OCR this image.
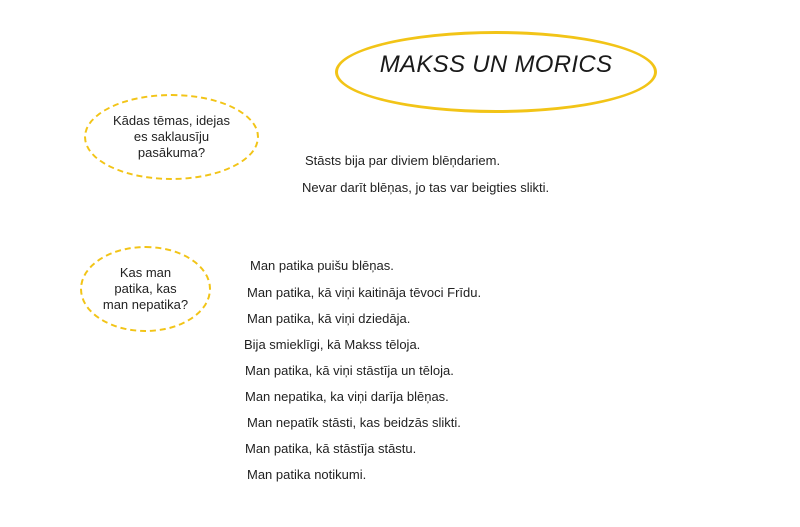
MAKSS UN MORICS
Kādas tēmas, idejas
es saklausīju
pasākuma?
Stāsts bija par diviem blēņdariem.
Nevar darīt blēņas, jo tas var beigties slikti.
Kas man
patika, kas
man nepatika?
Man patika puišu blēņas.
Man patika, kā viņi kaitināja tēvoci Frīdu.
Man patika, kā viņi dziedāja.
Bija smieklīgi, kā Makss tēloja.
Man patika, kā viņi stāstīja un tēloja.
Man nepatika, ka viņi darīja blēņas.
Man nepatīk stāsti, kas beidzās slikti.
Man patika, kā stāstīja stāstu.
Man patika notikumi.
